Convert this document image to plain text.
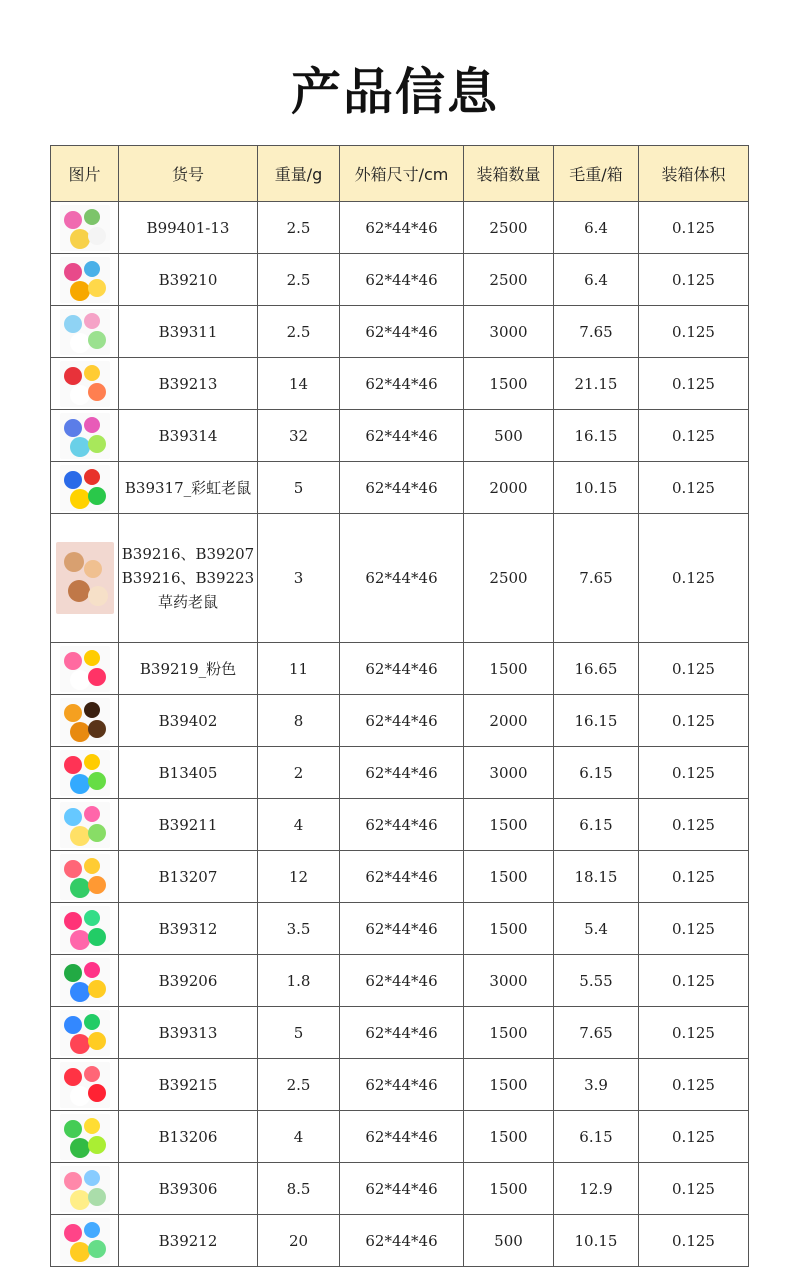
产品信息
图片	货号	重量/g	外箱尺寸/cm	装箱数量	毛重/箱	装箱体积

	B99401-13	2.5	62*44*46	2500	6.4	0.125

	B39210	2.5	62*44*46	2500	6.4	0.125

	B39311	2.5	62*44*46	3000	7.65	0.125

	B39213	14	62*44*46	1500	21.15	0.125

	B39314	32	62*44*46	500	16.15	0.125

	B39317_彩虹老鼠	5	62*44*46	2000	10.15	0.125

	B39216、B39207 B39216、B39223 草药老鼠	3	62*44*46	2500	7.65	0.125

	B39219_粉色	11	62*44*46	1500	16.65	0.125

	B39402	8	62*44*46	2000	16.15	0.125

	B13405	2	62*44*46	3000	6.15	0.125

	B39211	4	62*44*46	1500	6.15	0.125

	B13207	12	62*44*46	1500	18.15	0.125

	B39312	3.5	62*44*46	1500	5.4	0.125

	B39206	1.8	62*44*46	3000	5.55	0.125

	B39313	5	62*44*46	1500	7.65	0.125

	B39215	2.5	62*44*46	1500	3.9	0.125

	B13206	4	62*44*46	1500	6.15	0.125

	B39306	8.5	62*44*46	1500	12.9	0.125

	B39212	20	62*44*46	500	10.15	0.125
